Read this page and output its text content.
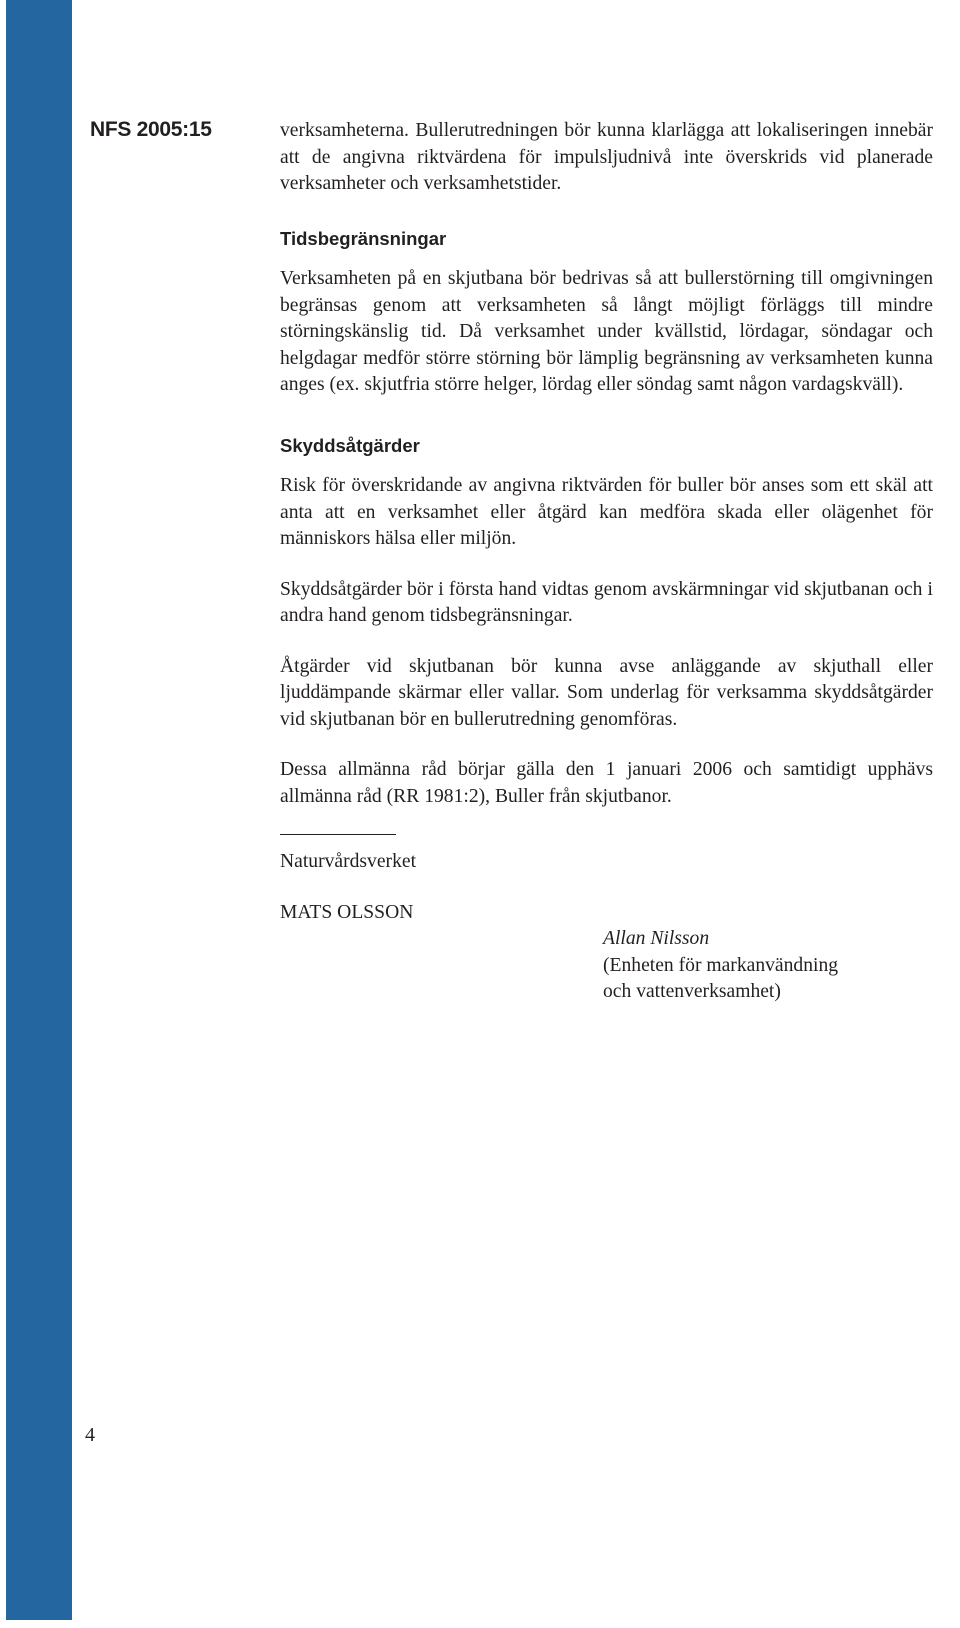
NFS 2005:15	verksamheterna. Bullerutredningen bör kunna klarlägga att lokaliseringen innebär att de angivna riktvärdena för impulsljudnivå inte överskrids vid planerade verksamheter och verksamhetstider.

Tidsbegränsningar

Verksamheten på en skjutbana bör bedrivas så att bullerstörning till omgivningen begränsas genom att verksamheten så långt möjligt förläggs till mindre störningskänslig tid. Då verksamhet under kvällstid, lördagar, söndagar och helgdagar medför större störning bör lämplig begränsning av verksamheten kunna anges (ex. skjutfria större helger, lördag eller söndag samt någon vardagskväll).

Skyddsåtgärder

Risk för överskridande av angivna riktvärden för buller bör anses som ett skäl att anta att en verksamhet eller åtgärd kan medföra skada eller olägenhet för människors hälsa eller miljön.

Skyddsåtgärder bör i första hand vidtas genom avskärmningar vid skjutbanan och i andra hand genom tidsbegränsningar.

Åtgärder vid skjutbanan bör kunna avse anläggande av skjuthall eller ljuddämpande skärmar eller vallar. Som underlag för verksamma skyddsåtgärder vid skjutbanan bör en bullerutredning genomföras.

Dessa allmänna råd börjar gälla den 1 januari 2006 och samtidigt upphävs allmänna råd (RR 1981:2), Buller från skjutbanor.

Naturvårdsverket
MATS OLSSON
Allan Nilsson
(Enheten för markanvändning
och vattenverksamhet)
4
